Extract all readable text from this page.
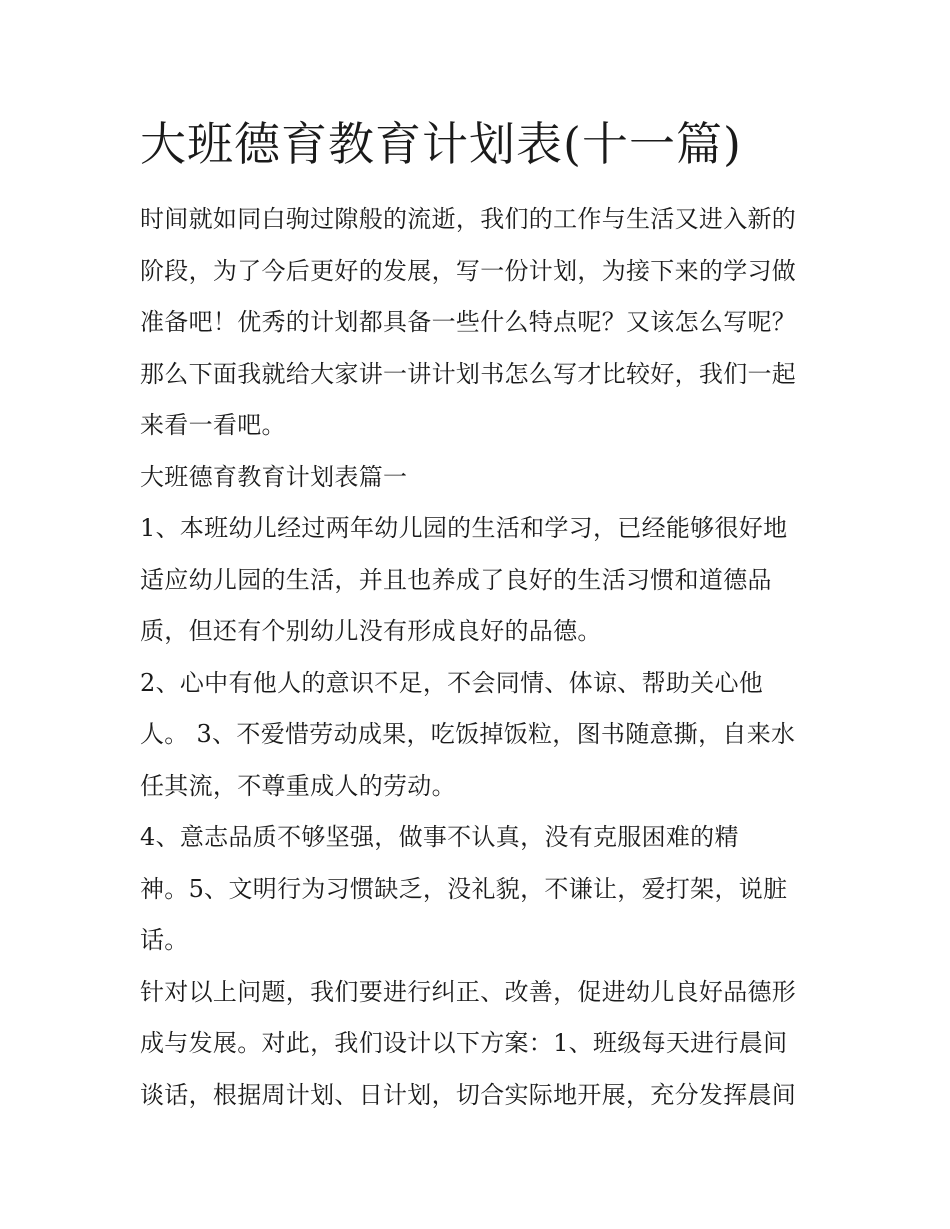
大班德育教育计划表(十一篇)
时间就如同白驹过隙般的流逝，我们的工作与生活又进入新的
阶段，为了今后更好的发展，写一份计划，为接下来的学习做
准备吧！优秀的计划都具备一些什么特点呢？又该怎么写呢？
那么下面我就给大家讲一讲计划书怎么写才比较好，我们一起
来看一看吧。
大班德育教育计划表篇一
1、本班幼儿经过两年幼儿园的生活和学习，已经能够很好地
适应幼儿园的生活，并且也养成了良好的生活习惯和道德品
质，但还有个别幼儿没有形成良好的品德。
2、心中有他人的意识不足，不会同情、体谅、帮助关心他
人。 3、不爱惜劳动成果，吃饭掉饭粒，图书随意撕，自来水
任其流，不尊重成人的劳动。
4、意志品质不够坚强，做事不认真，没有克服困难的精
神。5、文明行为习惯缺乏，没礼貌，不谦让，爱打架，说脏
话。
针对以上问题，我们要进行纠正、改善，促进幼儿良好品德形
成与发展。对此，我们设计以下方案：1、班级每天进行晨间
谈话，根据周计划、日计划，切合实际地开展，充分发挥晨间
